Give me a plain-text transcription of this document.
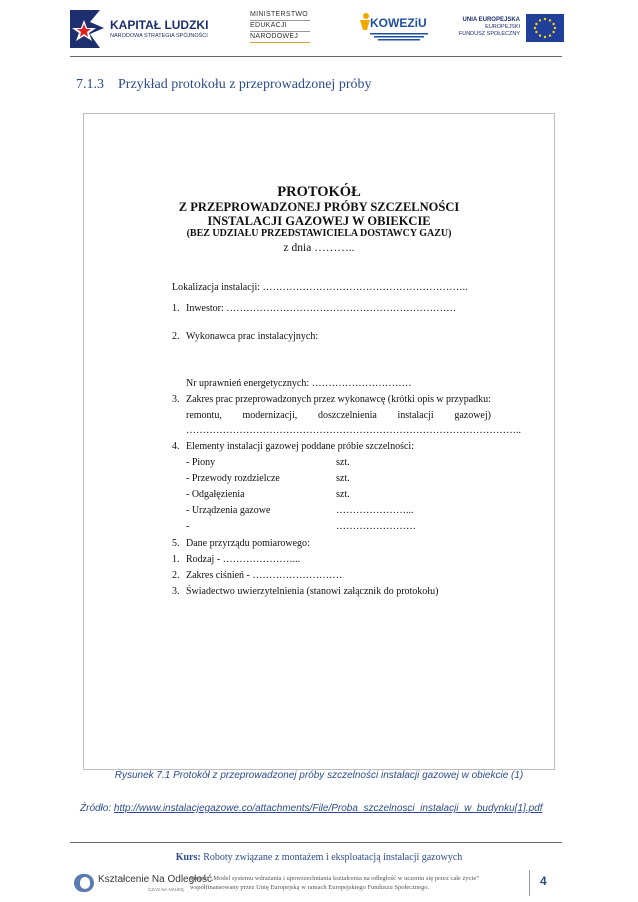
KAPITAŁ LUDZKI
NARODOWA STRATEGIA SPÓJNOŚCI
MINISTERSTWO
EDUKACJI
NARODOWEJ
KOWEZiU	UNIA EUROPEJSKA
EUROPEJSKI
FUNDUSZ SPOŁECZNY
7.1.3 Przykład protokołu z przeprowadzonej próby
PROTOKÓŁ
Z PRZEPROWADZONEJ PRÓBY SZCZELNOŚCI
INSTALACJI GAZOWEJ W OBIEKCIE
(BEZ UDZIAŁU PRZEDSTAWICIELA DOSTAWCY GAZU)
z dnia ………..
Lokalizacja instalacji: ……………………………………………………..
1. Inwestor: ……………………………………………………………
2. Wykonawca prac instalacyjnych:
Nr uprawnień energetycznych: …………………………
3. Zakres prac przeprowadzonych przez wykonawcę (krótki opis w przypadku:
remontu, modernizacji, doszczelnienia instalacji gazowej)
………………………………………………………………………………………..
4. Elementy instalacji gazowej poddane próbie szczelności:
- Piony	szt.
- Przewody rozdzielcze	szt.
- Odgałęzienia	szt.
- Urządzenia gazowe	…………………...
-	……………………
5. Dane przyrządu pomiarowego:
1. Rodzaj - …………………...
2. Zakres ciśnień - ………………………
3. Świadectwo uwierzytelnienia (stanowi załącznik do protokołu)
Rysunek 7.1 Protokół z przeprowadzonej próby szczelności instalacji gazowej w obiekcie (1)
Źródło: http://www.instalacjegazowe.co/attachments/File/Proba_szczelnosci_instalacji_w_budynku[1].pdf
Kurs: Roboty związane z montażem i eksploatacją instalacji gazowych
Kształcenie Na Odległość
CZAS NA NAUKĘ
Projekt „Model systemu wdrażania i upowszechniania kształcenia na odległość w uczeniu się przez całe życie”
współfinansowany przez Unię Europejską w ramach Europejskiego Funduszu Społecznego.	4
